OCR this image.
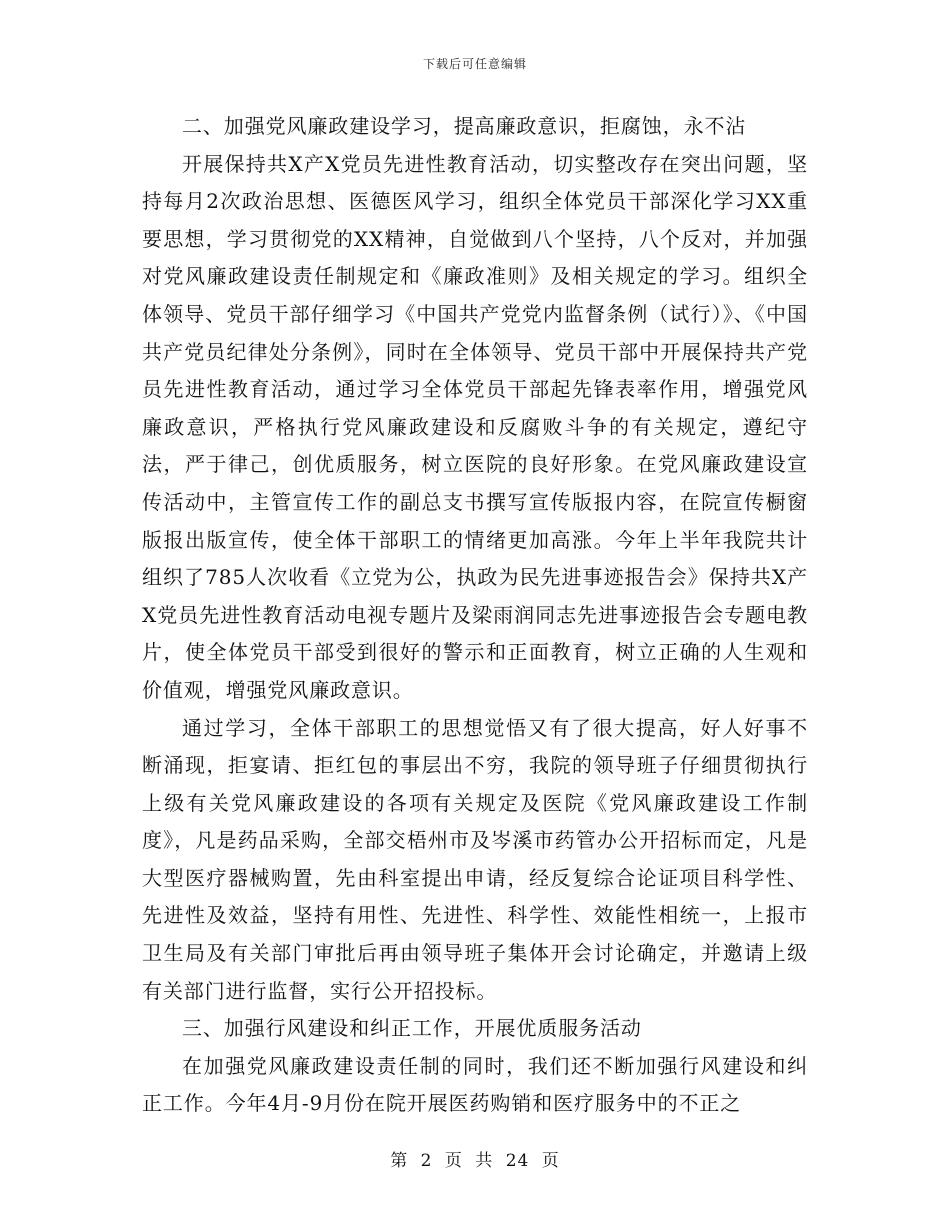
下载后可任意编辑

二、加强党风廉政建设学习，提高廉政意识，拒腐蚀，永不沾

开展保持共X产X党员先进性教育活动，切实整改存在突出问题，坚持每月2次政治思想、医德医风学习，组织全体党员干部深化学习XX重要思想，学习贯彻党的XX精神，自觉做到八个坚持，八个反对，并加强对党风廉政建设责任制规定和《廉政准则》及相关规定的学习。组织全体领导、党员干部仔细学习《中国共产党党内监督条例（试行）》、《中国共产党员纪律处分条例》，同时在全体领导、党员干部中开展保持共产党员先进性教育活动，通过学习全体党员干部起先锋表率作用，增强党风廉政意识，严格执行党风廉政建设和反腐败斗争的有关规定，遵纪守法，严于律己，创优质服务，树立医院的良好形象。在党风廉政建设宣传活动中，主管宣传工作的副总支书撰写宣传版报内容，在院宣传橱窗版报出版宣传，使全体干部职工的情绪更加高涨。今年上半年我院共计组织了785人次收看《立党为公，执政为民先进事迹报告会》保持共X产X党员先进性教育活动电视专题片及梁雨润同志先进事迹报告会专题电教片，使全体党员干部受到很好的警示和正面教育，树立正确的人生观和价值观，增强党风廉政意识。

通过学习，全体干部职工的思想觉悟又有了很大提高，好人好事不断涌现，拒宴请、拒红包的事层出不穷，我院的领导班子仔细贯彻执行上级有关党风廉政建设的各项有关规定及医院《党风廉政建设工作制度》，凡是药品采购，全部交梧州市及岑溪市药管办公开招标而定，凡是大型医疗器械购置，先由科室提出申请，经反复综合论证项目科学性、先进性及效益，坚持有用性、先进性、科学性、效能性相统一，上报市卫生局及有关部门审批后再由领导班子集体开会讨论确定，并邀请上级有关部门进行监督，实行公开招投标。

三、加强行风建设和纠正工作，开展优质服务活动

在加强党风廉政建设责任制的同时，我们还不断加强行风建设和纠正工作。今年4月-9月份在院开展医药购销和医疗服务中的不正之

第 2 页 共 24 页
